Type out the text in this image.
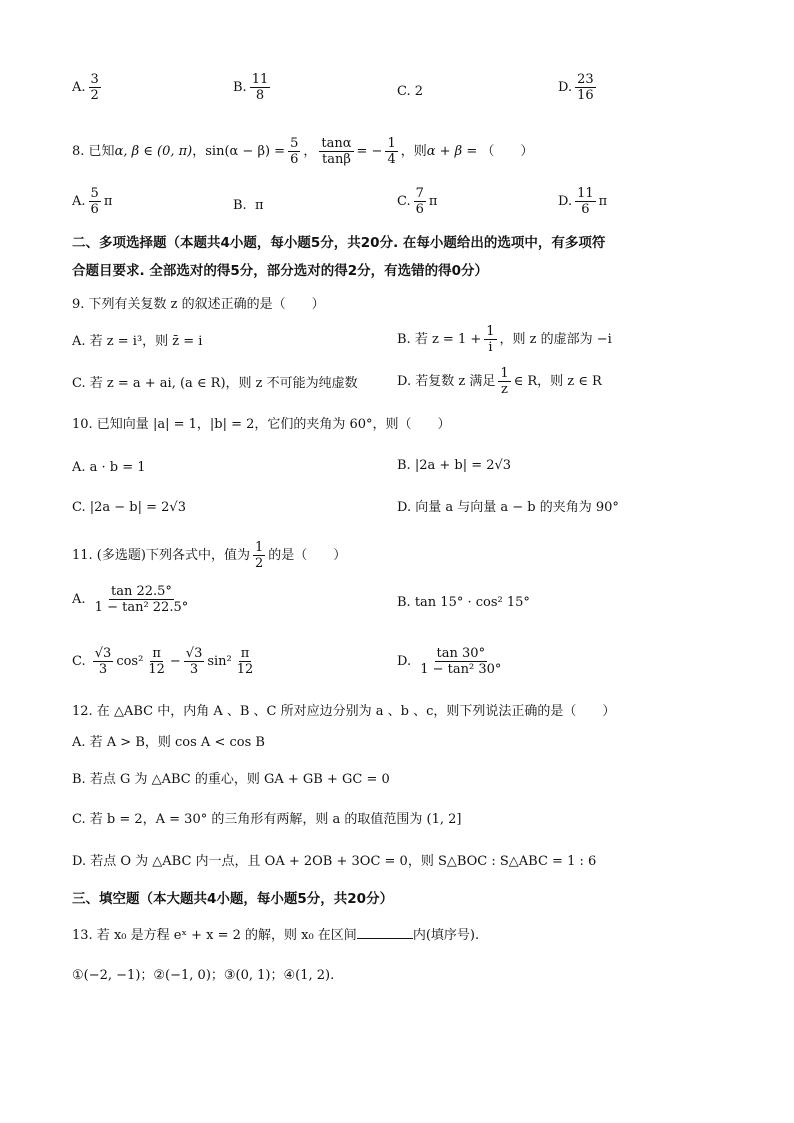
A. $\frac{3}{2}$	B. $\frac{11}{8}$	C.
2	D. $\frac{23}{16}$
8.
已知 α, β ∈ (0, π) ， $\sin(\alpha - \beta) = \frac{5}{6}$ ， $\frac{\tan\alpha}{\tan\beta}$ = − $\frac{1}{4}$ ，则 α + β =
（　　）
A. $\frac{5}{6}$ π	B.
π	C. $\frac{7}{6}$ π	D. $\frac{11}{6}$ π
二、多项选择题（本题共4小题，每小题5分，共20分. 在每小题给出的选项中，有多项符
合题目要求. 全部选对的得5分，部分选对的得2分，有选错的得0分）
9. 下列有关复数 z 的叙述正确的是（　　）
A. 若 z = i³，则 z̄ = i	B. 若 $z = 1 + \frac{1}{i}$ ，则 z 的虚部为 −i
C. 若 z = a + ai, (a ∈ R)，则 z 不可能为纯虚数	D. 若复数 z 满足 $\frac{1}{z}$ ∈ R，则 z ∈ R
10. 已知向量 |a| = 1，|b| = 2，它们的夹角为 60°，则（　　）
A. a · b = 1	B. |2a + b| = 2√3
C. |2a − b| = 2√3	D. 向量 a 与向量 a − b 的夹角为 90°
11. (多选题)下列各式中，值为 $\frac{1}{2}$ 的是（　　）
A.
$\frac{\tan 22.5^\circ}{\text{1 − tan² 22.5°}}$	B. tan 15° · cos² 15°
C.
$\frac{√3}{3} \cos^2 \frac{\pi}{12} - \frac{√3}{3} \sin^2 \frac{\pi}{12}$	D.
$\frac{\tan 30^\circ}{\text{1 − tan² 30°}}$
12. 在 △ABC 中，内角 A 、B 、C 所对应边分别为 a 、b 、c，则下列说法正确的是（　　）
A. 若 A > B，则 cos A < cos B
B. 若点 G 为 △ABC 的重心，则 GA + GB + GC = 0
C. 若 b = 2，A = 30° 的三角形有两解，则 a 的取值范围为 (1, 2]
D. 若点 O 为 △ABC 内一点，且 OA + 2OB + 3OC = 0，则 S△BOC : S△ABC = 1 : 6
三、填空题（本大题共4小题，每小题5分，共20分）
13. 若 x₀ 是方程 eˣ + x = 2 的解，则 x₀ 在区间	内(填序号).
①(−2, −1)；②(−1, 0)；③(0, 1)；④(1, 2).
